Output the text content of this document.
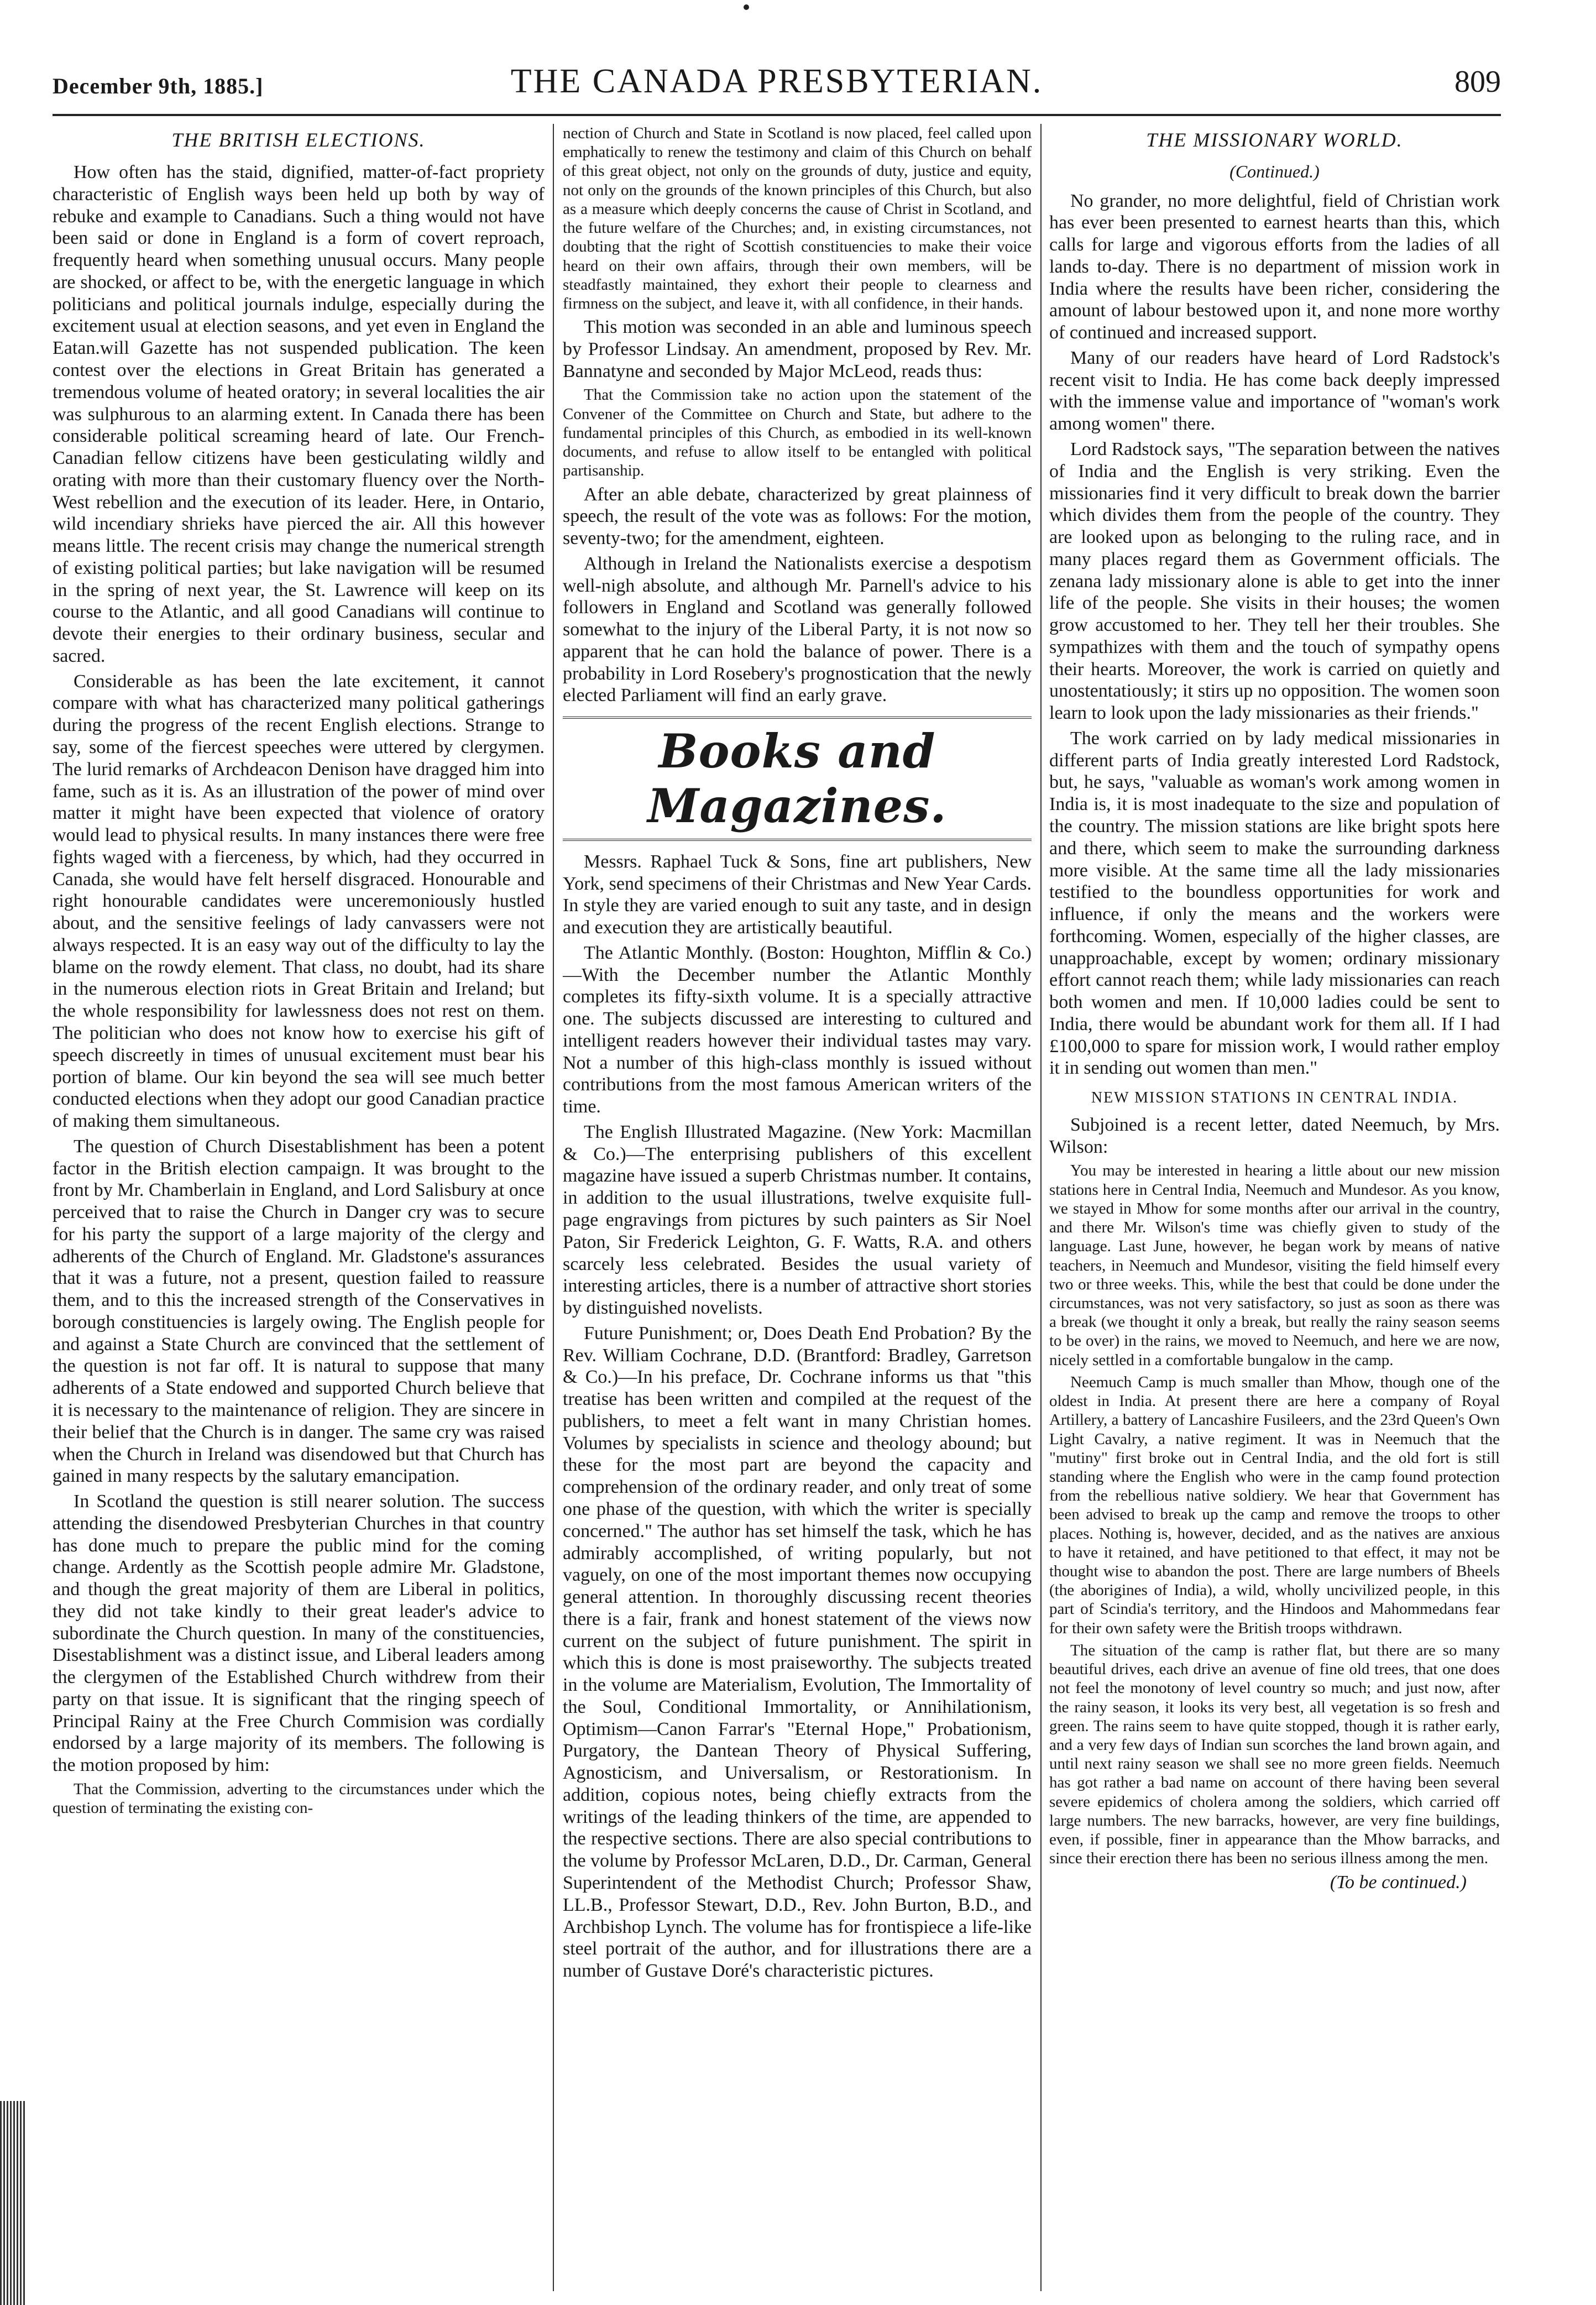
THE CANADA PRESBYTERIAN.
December 9th, 1885.]	809
THE BRITISH ELECTIONS.

How often has the staid, dignified, matter-of-fact propriety characteristic of English ways been held up both by way of rebuke and example to Canadians. Such a thing would not have been said or done in England is a form of covert reproach, frequently heard when something unusual occurs. Many people are shocked, or affect to be, with the energetic language in which politicians and political journals indulge, especially during the excitement usual at election seasons, and yet even in England the Eatan.will Gazette has not suspended publication. The keen contest over the elections in Great Britain has generated a tremendous volume of heated oratory; in several localities the air was sulphurous to an alarming extent. In Canada there has been considerable political screaming heard of late. Our French-Canadian fellow citizens have been gesticulating wildly and orating with more than their customary fluency over the North-West rebellion and the execution of its leader. Here, in Ontario, wild incendiary shrieks have pierced the air. All this however means little. The recent crisis may change the numerical strength of existing political parties; but lake navigation will be resumed in the spring of next year, the St. Lawrence will keep on its course to the Atlantic, and all good Canadians will continue to devote their energies to their ordinary business, secular and sacred.

Considerable as has been the late excitement, it cannot compare with what has characterized many political gatherings during the progress of the recent English elections. Strange to say, some of the fiercest speeches were uttered by clergymen. The lurid remarks of Archdeacon Denison have dragged him into fame, such as it is. As an illustration of the power of mind over matter it might have been expected that violence of oratory would lead to physical results. In many instances there were free fights waged with a fierceness, by which, had they occurred in Canada, she would have felt herself disgraced. Honourable and right honourable candidates were unceremoniously hustled about, and the sensitive feelings of lady canvassers were not always respected. It is an easy way out of the difficulty to lay the blame on the rowdy element. That class, no doubt, had its share in the numerous election riots in Great Britain and Ireland; but the whole responsibility for lawlessness does not rest on them. The politician who does not know how to exercise his gift of speech discreetly in times of unusual excitement must bear his portion of blame. Our kin beyond the sea will see much better conducted elections when they adopt our good Canadian practice of making them simultaneous.

The question of Church Disestablishment has been a potent factor in the British election campaign. It was brought to the front by Mr. Chamberlain in England, and Lord Salisbury at once perceived that to raise the Church in Danger cry was to secure for his party the support of a large majority of the clergy and adherents of the Church of England. Mr. Gladstone's assurances that it was a future, not a present, question failed to reassure them, and to this the increased strength of the Conservatives in borough constituencies is largely owing. The English people for and against a State Church are convinced that the settlement of the question is not far off. It is natural to suppose that many adherents of a State endowed and supported Church believe that it is necessary to the maintenance of religion. They are sincere in their belief that the Church is in danger. The same cry was raised when the Church in Ireland was disendowed but that Church has gained in many respects by the salutary emancipation.

In Scotland the question is still nearer solution. The success attending the disendowed Presbyterian Churches in that country has done much to prepare the public mind for the coming change. Ardently as the Scottish people admire Mr. Gladstone, and though the great majority of them are Liberal in politics, they did not take kindly to their great leader's advice to subordinate the Church question. In many of the constituencies, Disestablishment was a distinct issue, and Liberal leaders among the clergymen of the Established Church withdrew from their party on that issue. It is significant that the ringing speech of Principal Rainy at the Free Church Commision was cordially endorsed by a large majority of its members. The following is the motion proposed by him:

That the Commission, adverting to the circumstances under which the question of terminating the existing con-

nection of Church and State in Scotland is now placed, feel called upon emphatically to renew the testimony and claim of this Church on behalf of this great object, not only on the grounds of duty, justice and equity, not only on the grounds of the known principles of this Church, but also as a measure which deeply concerns the cause of Christ in Scotland, and the future welfare of the Churches; and, in existing circumstances, not doubting that the right of Scottish constituencies to make their voice heard on their own affairs, through their own members, will be steadfastly maintained, they exhort their people to clearness and firmness on the subject, and leave it, with all confidence, in their hands.

This motion was seconded in an able and luminous speech by Professor Lindsay. An amendment, proposed by Rev. Mr. Bannatyne and seconded by Major McLeod, reads thus:

That the Commission take no action upon the statement of the Convener of the Committee on Church and State, but adhere to the fundamental principles of this Church, as embodied in its well-known documents, and refuse to allow itself to be entangled with political partisanship.

After an able debate, characterized by great plainness of speech, the result of the vote was as follows: For the motion, seventy-two; for the amendment, eighteen.

Although in Ireland the Nationalists exercise a despotism well-nigh absolute, and although Mr. Parnell's advice to his followers in England and Scotland was generally followed somewhat to the injury of the Liberal Party, it is not now so apparent that he can hold the balance of power. There is a probability in Lord Rosebery's prognostication that the newly elected Parliament will find an early grave.

Books and Magazines.

Messrs. Raphael Tuck & Sons, fine art publishers, New York, send specimens of their Christmas and New Year Cards. In style they are varied enough to suit any taste, and in design and execution they are artistically beautiful.

The Atlantic Monthly. (Boston: Houghton, Mifflin & Co.)—With the December number the Atlantic Monthly completes its fifty-sixth volume. It is a specially attractive one. The subjects discussed are interesting to cultured and intelligent readers however their individual tastes may vary. Not a number of this high-class monthly is issued without contributions from the most famous American writers of the time.

The English Illustrated Magazine. (New York: Macmillan & Co.)—The enterprising publishers of this excellent magazine have issued a superb Christmas number. It contains, in addition to the usual illustrations, twelve exquisite full-page engravings from pictures by such painters as Sir Noel Paton, Sir Frederick Leighton, G. F. Watts, R.A. and others scarcely less celebrated. Besides the usual variety of interesting articles, there is a number of attractive short stories by distinguished novelists.

Future Punishment; or, Does Death End Probation? By the Rev. William Cochrane, D.D. (Brantford: Bradley, Garretson & Co.)—In his preface, Dr. Cochrane informs us that "this treatise has been written and compiled at the request of the publishers, to meet a felt want in many Christian homes. Volumes by specialists in science and theology abound; but these for the most part are beyond the capacity and comprehension of the ordinary reader, and only treat of some one phase of the question, with which the writer is specially concerned." The author has set himself the task, which he has admirably accomplished, of writing popularly, but not vaguely, on one of the most important themes now occupying general attention. In thoroughly discussing recent theories there is a fair, frank and honest statement of the views now current on the subject of future punishment. The spirit in which this is done is most praiseworthy. The subjects treated in the volume are Materialism, Evolution, The Immortality of the Soul, Conditional Immortality, or Annihilationism, Optimism—Canon Farrar's "Eternal Hope," Probationism, Purgatory, the Dantean Theory of Physical Suffering, Agnosticism, and Universalism, or Restorationism. In addition, copious notes, being chiefly extracts from the writings of the leading thinkers of the time, are appended to the respective sections. There are also special contributions to the volume by Professor McLaren, D.D., Dr. Carman, General Superintendent of the Methodist Church; Professor Shaw, LL.B., Professor Stewart, D.D., Rev. John Burton, B.D., and Archbishop Lynch. The volume has for frontispiece a life-like steel portrait of the author, and for illustrations there are a number of Gustave Doré's characteristic pictures.

THE MISSIONARY WORLD.
(Continued.)

No grander, no more delightful, field of Christian work has ever been presented to earnest hearts than this, which calls for large and vigorous efforts from the ladies of all lands to-day. There is no department of mission work in India where the results have been richer, considering the amount of labour bestowed upon it, and none more worthy of continued and increased support.

Many of our readers have heard of Lord Radstock's recent visit to India. He has come back deeply impressed with the immense value and importance of "woman's work among women" there.

Lord Radstock says, "The separation between the natives of India and the English is very striking. Even the missionaries find it very difficult to break down the barrier which divides them from the people of the country. They are looked upon as belonging to the ruling race, and in many places regard them as Government officials. The zenana lady missionary alone is able to get into the inner life of the people. She visits in their houses; the women grow accustomed to her. They tell her their troubles. She sympathizes with them and the touch of sympathy opens their hearts. Moreover, the work is carried on quietly and unostentatiously; it stirs up no opposition. The women soon learn to look upon the lady missionaries as their friends."

The work carried on by lady medical missionaries in different parts of India greatly interested Lord Radstock, but, he says, "valuable as woman's work among women in India is, it is most inadequate to the size and population of the country. The mission stations are like bright spots here and there, which seem to make the surrounding darkness more visible. At the same time all the lady missionaries testified to the boundless opportunities for work and influence, if only the means and the workers were forthcoming. Women, especially of the higher classes, are unapproachable, except by women; ordinary missionary effort cannot reach them; while lady missionaries can reach both women and men. If 10,000 ladies could be sent to India, there would be abundant work for them all. If I had £100,000 to spare for mission work, I would rather employ it in sending out women than men."

NEW MISSION STATIONS IN CENTRAL INDIA.

Subjoined is a recent letter, dated Neemuch, by Mrs. Wilson:

You may be interested in hearing a little about our new mission stations here in Central India, Neemuch and Mundesor. As you know, we stayed in Mhow for some months after our arrival in the country, and there Mr. Wilson's time was chiefly given to study of the language. Last June, however, he began work by means of native teachers, in Neemuch and Mundesor, visiting the field himself every two or three weeks. This, while the best that could be done under the circumstances, was not very satisfactory, so just as soon as there was a break (we thought it only a break, but really the rainy season seems to be over) in the rains, we moved to Neemuch, and here we are now, nicely settled in a comfortable bungalow in the camp.

Neemuch Camp is much smaller than Mhow, though one of the oldest in India. At present there are here a company of Royal Artillery, a battery of Lancashire Fusileers, and the 23rd Queen's Own Light Cavalry, a native regiment. It was in Neemuch that the "mutiny" first broke out in Central India, and the old fort is still standing where the English who were in the camp found protection from the rebellious native soldiery. We hear that Government has been advised to break up the camp and remove the troops to other places. Nothing is, however, decided, and as the natives are anxious to have it retained, and have petitioned to that effect, it may not be thought wise to abandon the post. There are large numbers of Bheels (the aborigines of India), a wild, wholly uncivilized people, in this part of Scindia's territory, and the Hindoos and Mahommedans fear for their own safety were the British troops withdrawn.

The situation of the camp is rather flat, but there are so many beautiful drives, each drive an avenue of fine old trees, that one does not feel the monotony of level country so much; and just now, after the rainy season, it looks its very best, all vegetation is so fresh and green. The rains seem to have quite stopped, though it is rather early, and a very few days of Indian sun scorches the land brown again, and until next rainy season we shall see no more green fields. Neemuch has got rather a bad name on account of there having been several severe epidemics of cholera among the soldiers, which carried off large numbers. The new barracks, however, are very fine buildings, even, if possible, finer in appearance than the Mhow barracks, and since their erection there has been no serious illness among the men.

(To be continued.)
